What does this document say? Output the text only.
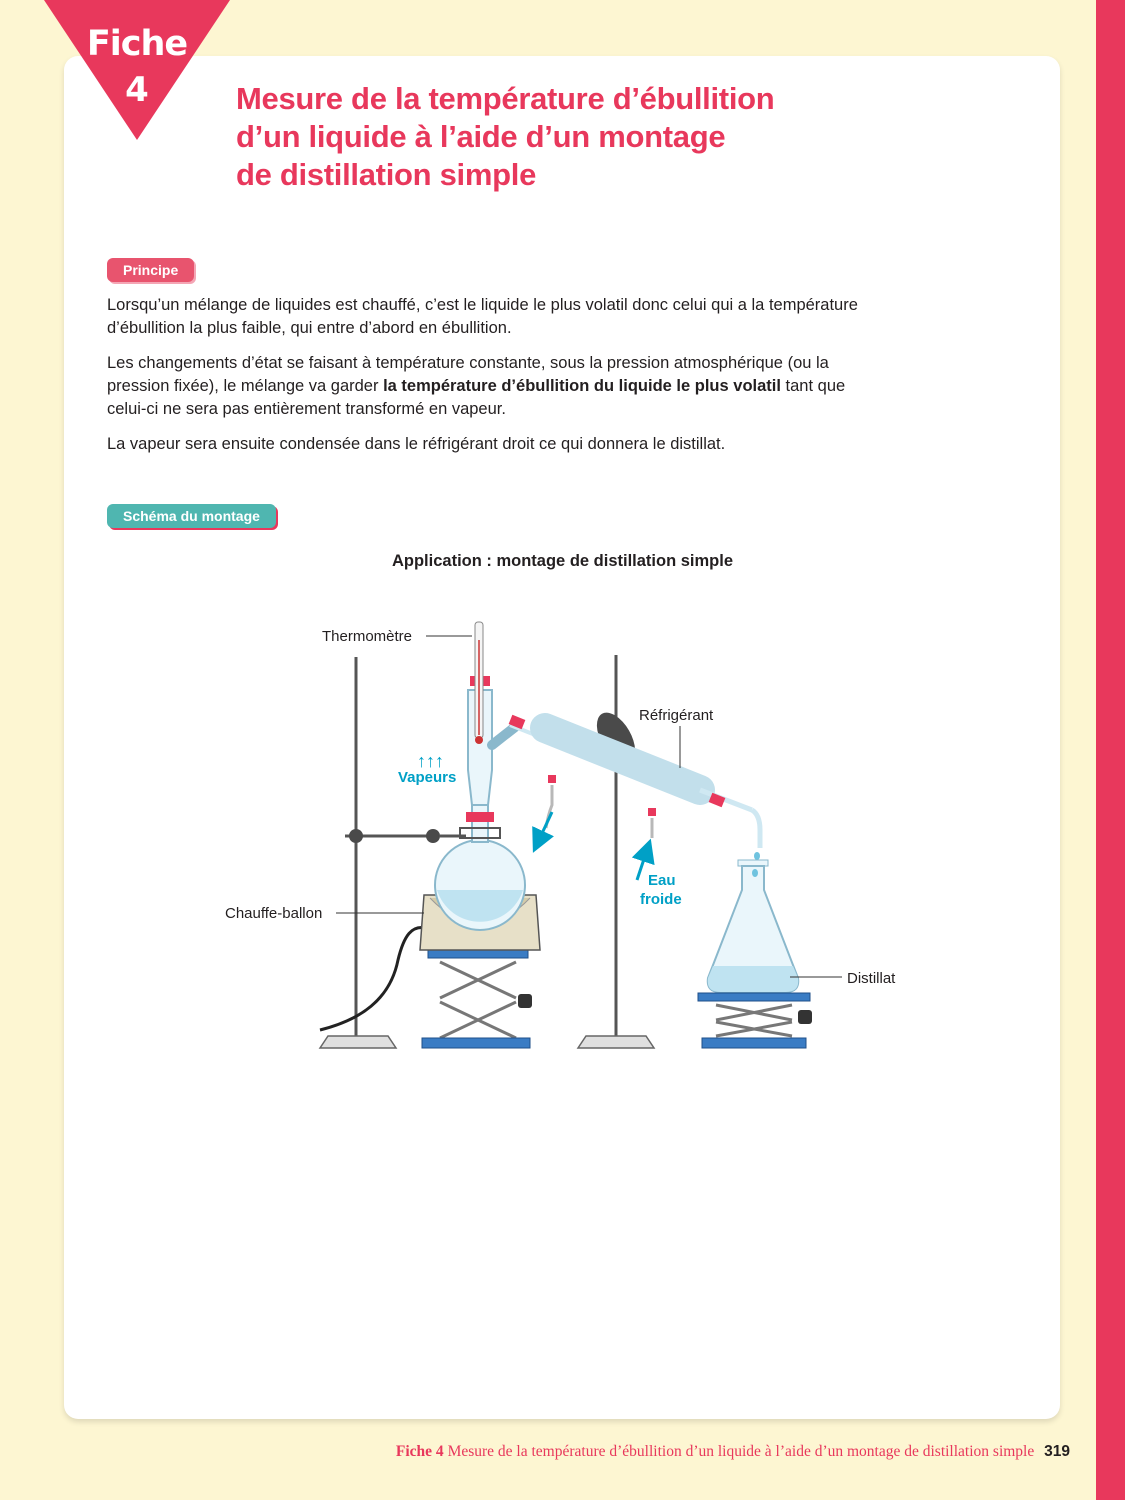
Fiche
4	Mesure de la température d’ébullition
d’un liquide à l’aide d’un montage
de distillation simple
Principe

Lorsqu’un mélange de liquides est chauffé, c’est le liquide le plus volatil donc celui qui a la température d’ébullition la plus faible, qui entre d’abord en ébullition.

Les changements d’état se faisant à température constante, sous la pression atmosphérique (ou la pression fixée), le mélange va garder la température d’ébullition du liquide le plus volatil tant que celui-ci ne sera pas entièrement transformé en vapeur.

La vapeur sera ensuite condensée dans le réfrigérant droit ce qui donnera le distillat.

Schéma du montage
Application : montage de distillation simple
Thermomètre
Réfrigérant
↑↑↑
Vapeurs
Chauffe-ballon
Eau
froide
Distillat
Fiche 4 Mesure de la température d’ébullition d’un liquide à l’aide d’un montage de distillation simple 319
